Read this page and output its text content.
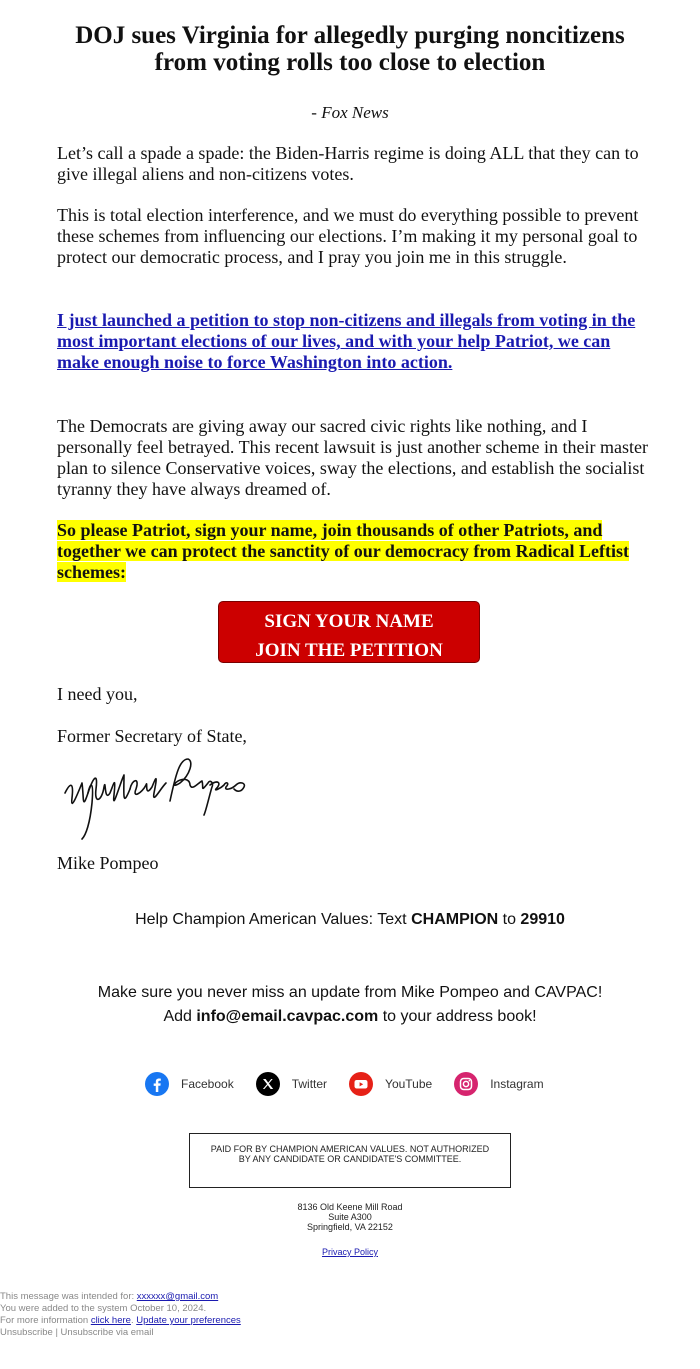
DOJ sues Virginia for allegedly purging noncitizens from voting rolls too close to election
- Fox News

Let’s call a spade a spade: the Biden-Harris regime is doing ALL that they can to give illegal aliens and non-citizens votes.

This is total election interference, and we must do everything possible to prevent these schemes from influencing our elections. I’m making it my personal goal to protect our democratic process, and I pray you join me in this struggle.

I just launched a petition to stop non-citizens and illegals from voting in the most important elections of our lives, and with your help Patriot, we can make enough noise to force Washington into action.

The Democrats are giving away our sacred civic rights like nothing, and I personally feel betrayed. This recent lawsuit is just another scheme in their master plan to silence Conservative voices, sway the elections, and establish the socialist tyranny they have always dreamed of.

So please Patriot, sign your name, join thousands of other Patriots, and together we can protect the sanctity of our democracy from Radical Leftist schemes:

SIGN YOUR NAME
JOIN THE PETITION
I need you,
Former Secretary of State,
Mike Pompeo
Help Champion American Values: Text CHAMPION to 29910
Make sure you never miss an update from Mike Pompeo and CAVPAC!
Add info@email.cavpac.com to your address book!
Facebook	Twitter	YouTube	Instagram
PAID FOR BY CHAMPION AMERICAN VALUES. NOT AUTHORIZED BY ANY CANDIDATE OR CANDIDATE'S COMMITTEE.
8136 Old Keene Mill Road
Suite A300
Springfield, VA 22152
Privacy Policy
This message was intended for: xxxxxx@gmail.com
You were added to the system October 10, 2024.
For more information click here. Update your preferences
Unsubscribe | Unsubscribe via email
